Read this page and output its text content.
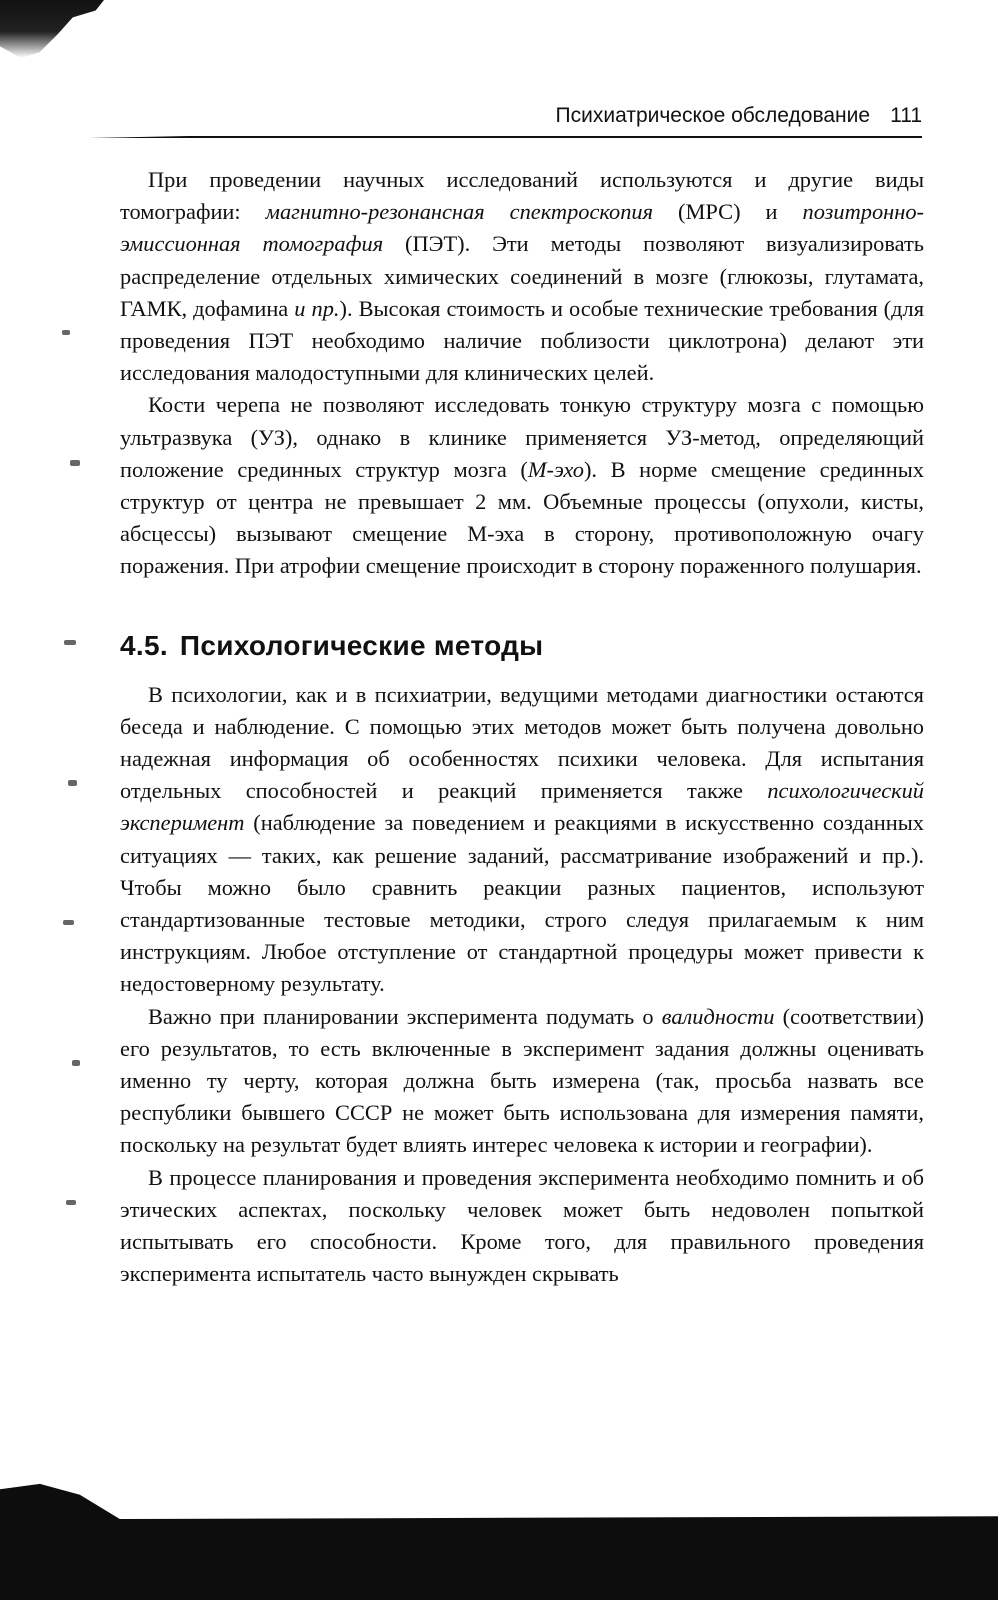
Психиатрическое обследование 111

При проведении научных исследований используются и другие виды томографии: магнитно-резонансная спектроскопия (МРС) и позитронно-эмиссионная томография (ПЭТ). Эти методы позволяют визуализировать распределение отдельных химических соединений в мозге (глюкозы, глутамата, ГАМК, дофамина и пр.). Высокая стоимость и особые технические требования (для проведения ПЭТ необходимо наличие поблизости циклотрона) делают эти исследования малодоступными для клинических целей.

Кости черепа не позволяют исследовать тонкую структуру мозга с помощью ультразвука (УЗ), однако в клинике применяется УЗ-метод, определяющий положение срединных структур мозга (М-эхо). В норме смещение срединных структур от центра не превышает 2 мм. Объемные процессы (опухоли, кисты, абсцессы) вызывают смещение М-эха в сторону, противоположную очагу поражения. При атрофии смещение происходит в сторону пораженного полушария.

4.5. Психологические методы

В психологии, как и в психиатрии, ведущими методами диагностики остаются беседа и наблюдение. С помощью этих методов может быть получена довольно надежная информация об особенностях психики человека. Для испытания отдельных способностей и реакций применяется также психологический эксперимент (наблюдение за поведением и реакциями в искусственно созданных ситуациях — таких, как решение заданий, рассматривание изображений и пр.). Чтобы можно было сравнить реакции разных пациентов, используют стандартизованные тестовые методики, строго следуя прилагаемым к ним инструкциям. Любое отступление от стандартной процедуры может привести к недостоверному результату.

Важно при планировании эксперимента подумать о валидности (соответствии) его результатов, то есть включенные в эксперимент задания должны оценивать именно ту черту, которая должна быть измерена (так, просьба назвать все республики бывшего СССР не может быть использована для измерения памяти, поскольку на результат будет влиять интерес человека к истории и географии).

В процессе планирования и проведения эксперимента необходимо помнить и об этических аспектах, поскольку человек может быть недоволен попыткой испытывать его способности. Кроме того, для правильного проведения эксперимента испытатель часто вынужден скрывать
